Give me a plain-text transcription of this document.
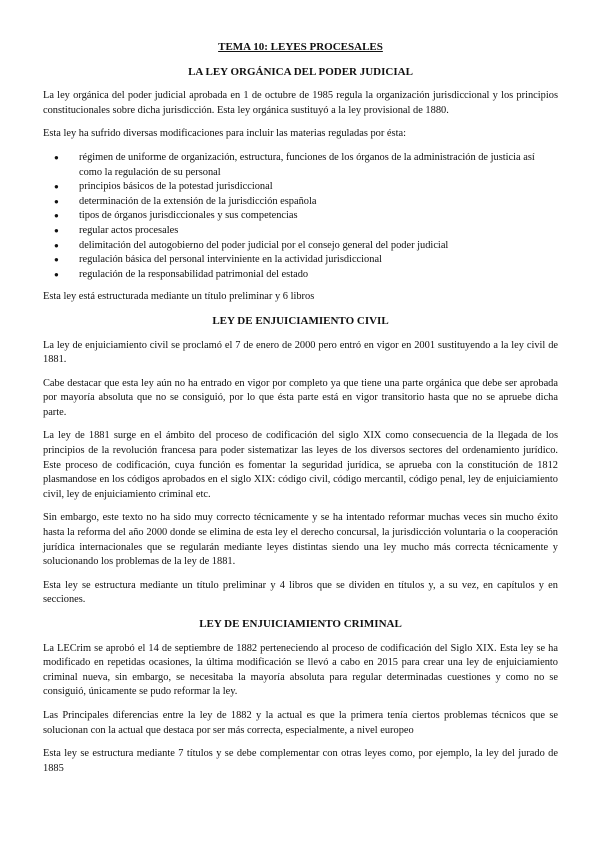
TEMA 10: LEYES PROCESALES
LA LEY ORGÁNICA DEL PODER JUDICIAL

La ley orgánica del poder judicial aprobada en 1 de octubre de 1985 regula la organización jurisdiccional y los principios constitucionales sobre dicha jurisdicción. Esta ley orgánica sustituyó a la ley provisional de 1880.

Esta ley ha sufrido diversas modificaciones para incluir las materias reguladas por ésta:

● régimen de uniforme de organización, estructura, funciones de los órganos de la administración de justicia así como la regulación de su personal
● principios básicos de la potestad jurisdiccional
● determinación de la extensión de la jurisdicción española
● tipos de órganos jurisdiccionales y sus competencias
● regular actos procesales
● delimitación del autogobierno del poder judicial por el consejo general del poder judicial
● regulación básica del personal interviniente en la actividad jurisdiccional
● regulación de la responsabilidad patrimonial del estado

Esta ley está estructurada mediante un título preliminar y 6 libros

LEY DE ENJUICIAMIENTO CIVIL

La ley de enjuiciamiento civil se proclamó el 7 de enero de 2000 pero entró en vigor en 2001 sustituyendo a la ley civil de 1881.

Cabe destacar que esta ley aún no ha entrado en vigor por completo ya que tiene una parte orgánica que debe ser aprobada por mayoría absoluta que no se consiguió, por lo que ésta parte está en vigor transitorio hasta que no se apruebe dicha parte.

La ley de 1881 surge en el ámbito del proceso de codificación del siglo XIX como consecuencia de la llegada de los principios de la revolución francesa para poder sistematizar las leyes de los diversos sectores del ordenamiento jurídico. Este proceso de codificación, cuya función es fomentar la seguridad jurídica, se aprueba con la constitución de 1812 plasmandose en los códigos aprobados en el siglo XIX: código civil, código mercantil, código penal, ley de enjuiciamiento civil, ley de enjuiciamiento criminal etc.

Sin embargo, este texto no ha sido muy correcto técnicamente y se ha intentado reformar muchas veces sin mucho éxito hasta la reforma del año 2000 donde se elimina de esta ley el derecho concursal, la jurisdicción voluntaria o la cooperación jurídica internacionales que se regularán mediante leyes distintas siendo una ley mucho más correcta técnicamente y solucionando los problemas de la ley de 1881.

Esta ley se estructura mediante un título preliminar y 4 libros que se dividen en títulos y, a su vez, en capítulos y en secciones.

LEY DE ENJUICIAMIENTO CRIMINAL

La LECrim se aprobó el 14 de septiembre de 1882 perteneciendo al proceso de codificación del Siglo XIX. Esta ley se ha modificado en repetidas ocasiones, la última modificación se llevó a cabo en 2015 para crear una ley de enjuiciamiento criminal nueva, sin embargo, se necesitaba la mayoría absoluta para regular determinadas cuestiones y como no se consiguió, únicamente se pudo reformar la ley.

Las Principales diferencias entre la ley de 1882 y la actual es que la primera tenía ciertos problemas técnicos que se solucionan con la actual que destaca por ser más correcta, especialmente, a nivel europeo

Esta ley se estructura mediante 7 títulos y se debe complementar con otras leyes como, por ejemplo, la ley del jurado de 1885
